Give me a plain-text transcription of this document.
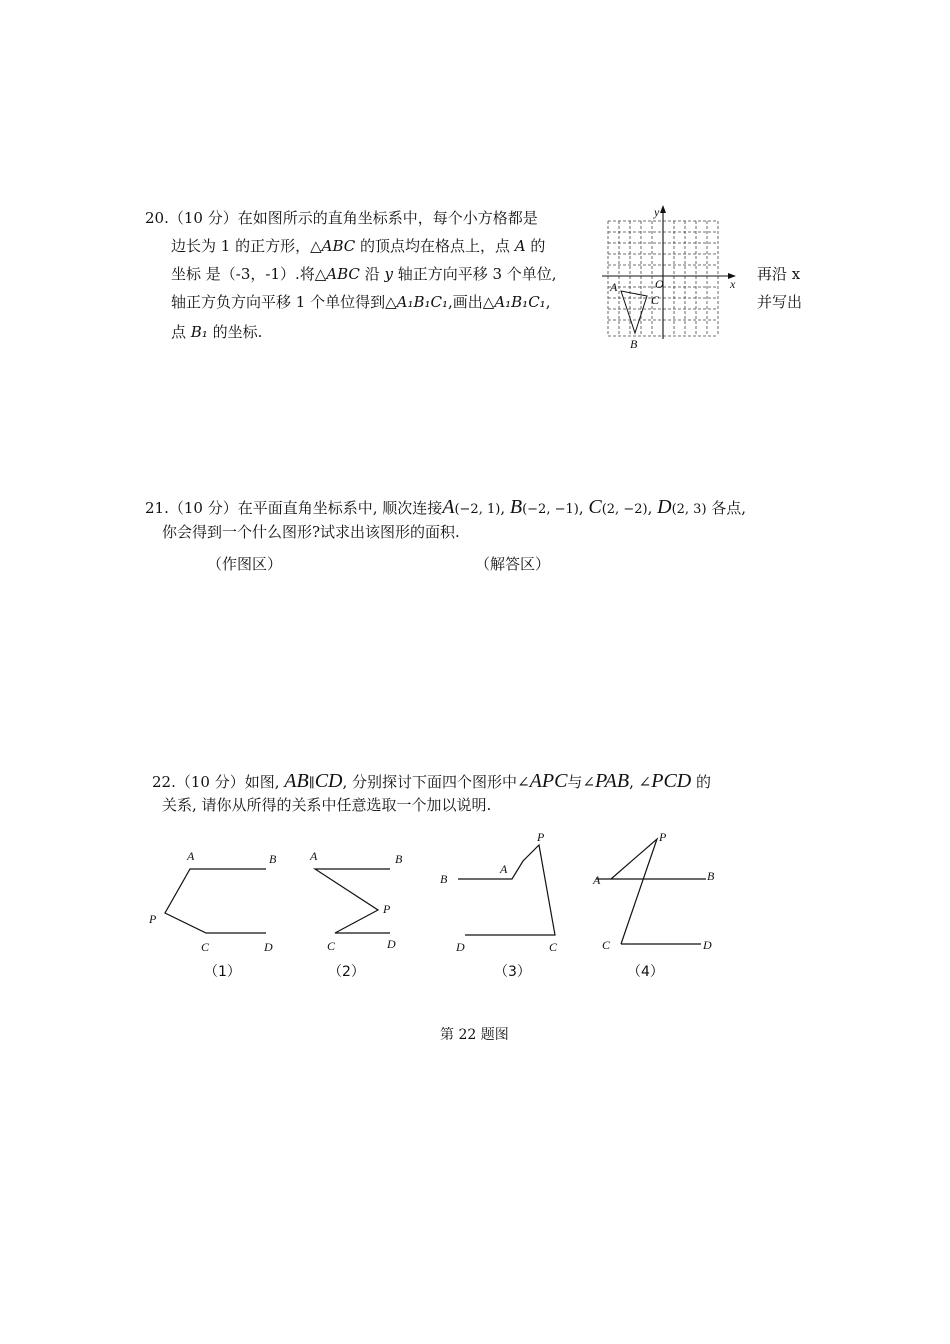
20.（10 分）在如图所示的直角坐标系中，每个小方格都是
边长为 1 的正方形，△ABC 的顶点均在格点上，点 A 的
坐标 是（-3，-1）.将△ABC 沿 y 轴正方向平移 3 个单位,	再沿 x
轴正方负方向平移 1 个单位得到△A₁B₁C₁,画出△A₁B₁C₁,	并写出
点 B₁ 的坐标.
y
x
O
A
B
C
21.（10 分）在平面直角坐标系中, 顺次连接A(−2, 1), B(−2, −1), C(2, −2), D(2, 3) 各点,
你会得到一个什么图形?试求出该图形的面积.
（作图区）	（解答区）
22.（10 分）如图, AB∥CD, 分别探讨下面四个图形中∠APC与∠PAB, ∠PCD 的
关系, 请你从所得的关系中任意选取一个加以说明.
A	B
P
C	D
（1）
A	B
P
C	D
（2）
B
A
P
D	C
（3）
P
A	B
C	D
（4）
第 22 题图
